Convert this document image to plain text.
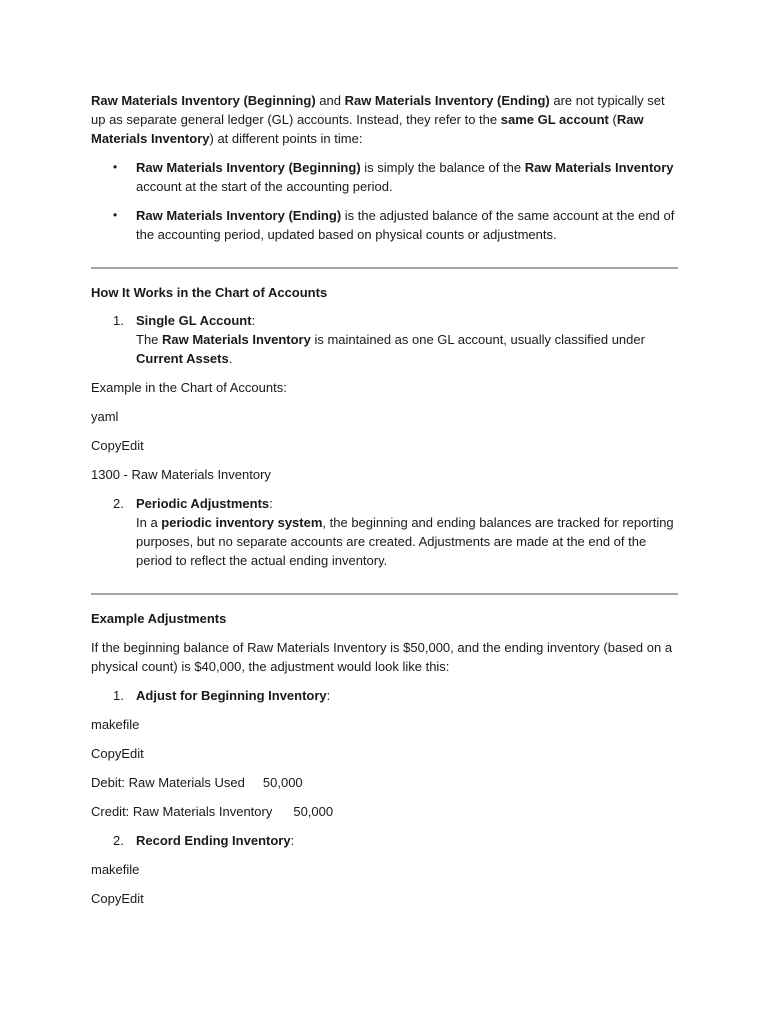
Raw Materials Inventory (Beginning) and Raw Materials Inventory (Ending) are not typically set up as separate general ledger (GL) accounts. Instead, they refer to the same GL account (Raw Materials Inventory) at different points in time:

• Raw Materials Inventory (Beginning) is simply the balance of the Raw Materials Inventory account at the start of the accounting period.

• Raw Materials Inventory (Ending) is the adjusted balance of the same account at the end of the accounting period, updated based on physical counts or adjustments.

How It Works in the Chart of Accounts

1. Single GL Account:
The Raw Materials Inventory is maintained as one GL account, usually classified under Current Assets.

Example in the Chart of Accounts:

yaml

CopyEdit

1300 - Raw Materials Inventory

2. Periodic Adjustments:
In a periodic inventory system, the beginning and ending balances are tracked for reporting purposes, but no separate accounts are created. Adjustments are made at the end of the period to reflect the actual ending inventory.

Example Adjustments

If the beginning balance of Raw Materials Inventory is $50,000, and the ending inventory (based on a physical count) is $40,000, the adjustment would look like this:

1. Adjust for Beginning Inventory:

makefile

CopyEdit

Debit: Raw Materials Used 50,000

Credit: Raw Materials Inventory 50,000

2. Record Ending Inventory:

makefile

CopyEdit
